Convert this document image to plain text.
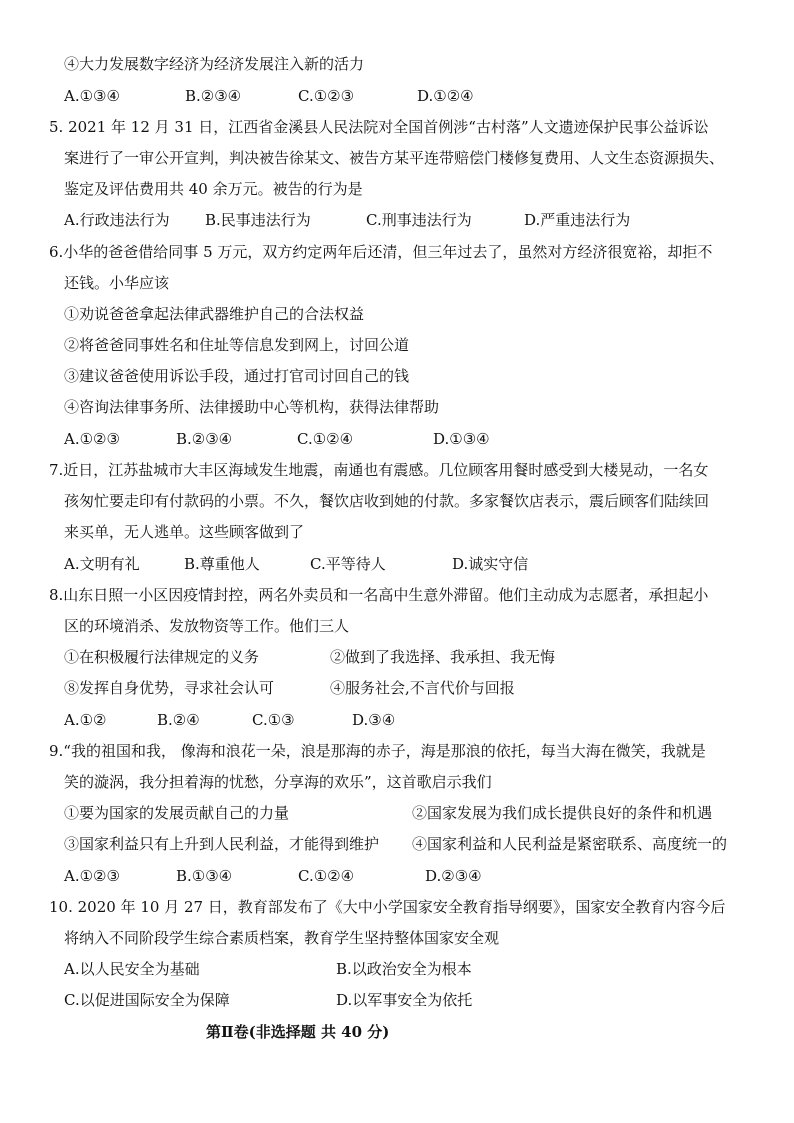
④大力发展数字经济为经济发展注入新的活力
A.①③④	B.②③④	C.①②③	D.①②④
5. 2021 年 12 月 31 日，江西省金溪县人民法院对全国首例涉“古村落”人文遗迹保护民事公益诉讼
案进行了一审公开宣判，判决被告徐某文、被告方某平连带赔偿门楼修复费用、人文生态资源损失、
鉴定及评估费用共 40 余万元。被告的行为是
A.行政违法行为 B.民事违法行为	C.刑事违法行为	D.严重违法行为
6.小华的爸爸借给同事 5 万元，双方约定两年后还清，但三年过去了，虽然对方经济很宽裕，却拒不
还钱。小华应该
①劝说爸爸拿起法律武器维护自己的合法权益
②将爸爸同事姓名和住址等信息发到网上，讨回公道
③建议爸爸使用诉讼手段，通过打官司讨回自己的钱
④咨询法律事务所、法律援助中心等机构，获得法律帮助
A.①②③	B.②③④	C.①②④	D.①③④
7.近日，江苏盐城市大丰区海域发生地震，南通也有震感。几位顾客用餐时感受到大楼晃动，一名女
孩匆忙要走印有付款码的小票。不久，餐饮店收到她的付款。多家餐饮店表示，震后顾客们陆续回
来买单，无人逃单。这些顾客做到了
A.文明有礼	B.尊重他人	C.平等待人	D.诚实守信
8.山东日照一小区因疫情封控，两名外卖员和一名高中生意外滞留。他们主动成为志愿者，承担起小
区的环境消杀、发放物资等工作。他们三人
①在积极履行法律规定的义务	②做到了我选择、我承担、我无悔
⑧发挥自身优势，寻求社会认可	④服务社会,不言代价与回报
A.①②	B.②④	C.①③	D.③④
9.“我的祖国和我， 像海和浪花一朵，浪是那海的赤子，海是那浪的依托，每当大海在微笑，我就是
笑的漩涡，我分担着海的忧愁，分享海的欢乐”，这首歌启示我们
①要为国家的发展贡献自己的力量	②国家发展为我们成长提供良好的条件和机遇
③国家利益只有上升到人民利益，才能得到维护 ④国家利益和人民利益是紧密联系、高度统一的
A.①②③	B.①③④	C.①②④	D.②③④
10. 2020 年 10 月 27 日，教育部发布了《大中小学国家安全教育指导纲要》，国家安全教育内容今后
将纳入不同阶段学生综合素质档案，教育学生坚持整体国家安全观
A.以人民安全为基础	B.以政治安全为根本
C.以促进国际安全为保障	D.以军事安全为依托
第Ⅱ卷(非选择题 共 40 分)
